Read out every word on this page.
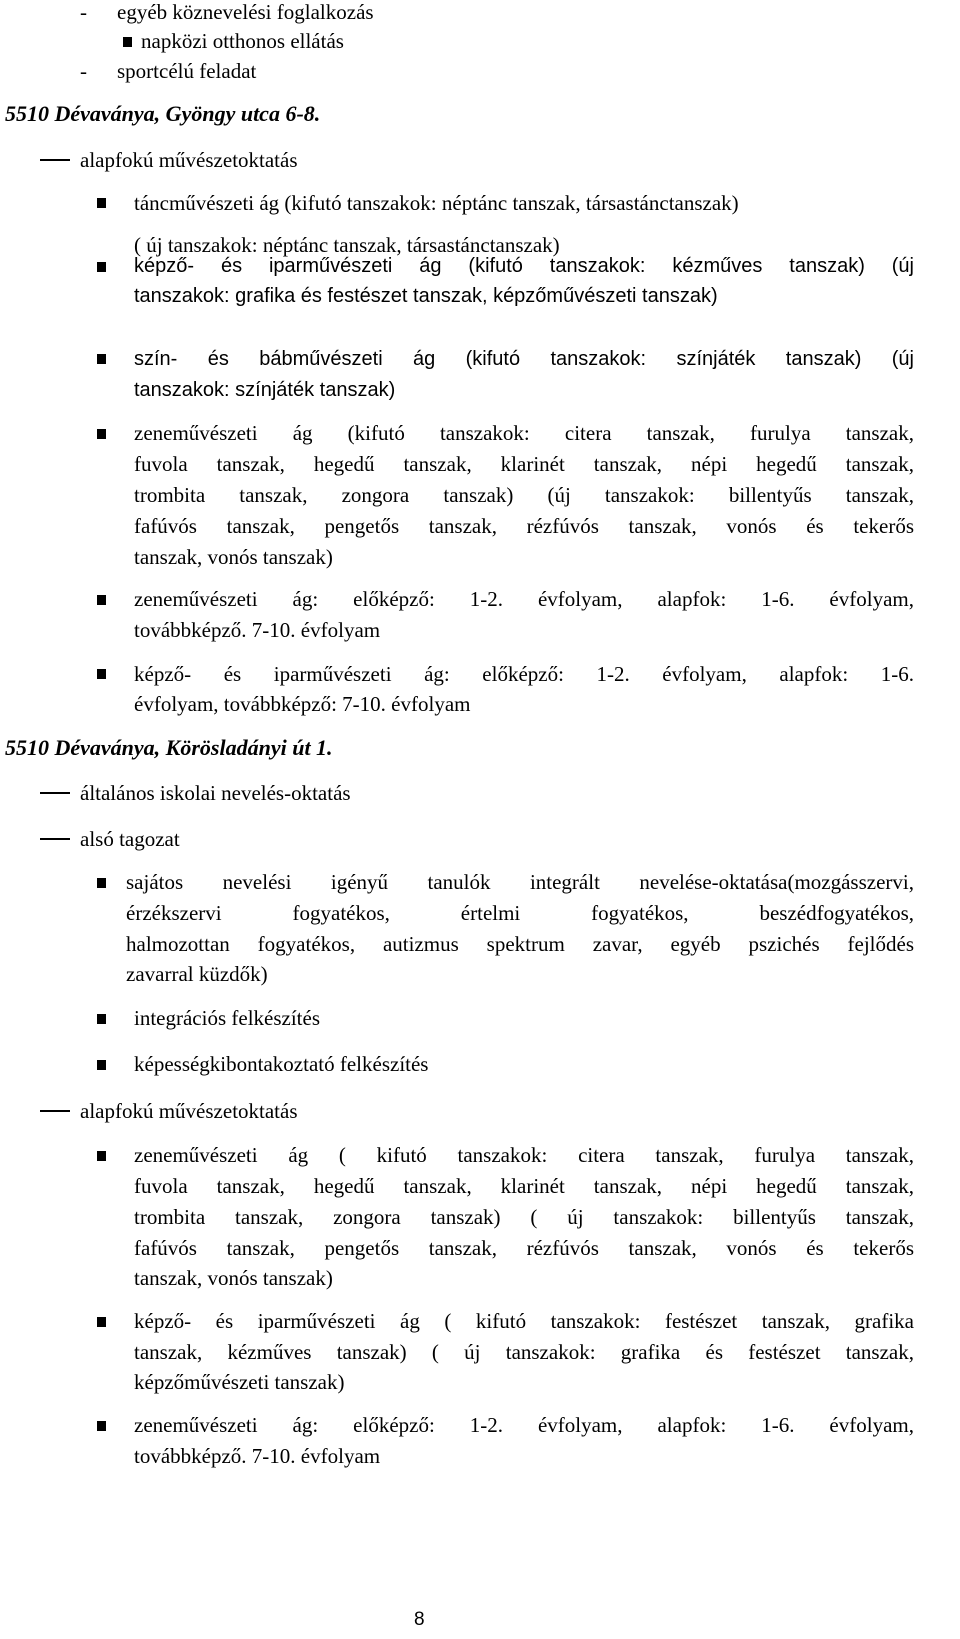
- egyéb köznevelési foglalkozás
napközi otthonos ellátás
- sportcélú feladat
5510 Dévaványa, Gyöngy utca 6-8.
alapfokú művészetoktatás
táncművészeti ág (kifutó tanszakok: néptánc tanszak, társastánctanszak)
( új tanszakok: néptánc tanszak, társastánctanszak)
képző- és iparművészeti ág (kifutó tanszakok: kézműves tanszak) (új
tanszakok: grafika és festészet tanszak, képzőművészeti tanszak)
szín- és bábművészeti ág (kifutó tanszakok: színjáték tanszak) (új
tanszakok: színjáték tanszak)
zeneművészeti ág (kifutó tanszakok: citera tanszak, furulya tanszak,
fuvola tanszak, hegedű tanszak, klarinét tanszak, népi hegedű tanszak,
trombita tanszak, zongora tanszak) (új tanszakok: billentyűs tanszak,
fafúvós tanszak, pengetős tanszak, rézfúvós tanszak, vonós és tekerős
tanszak, vonós tanszak)
zeneművészeti ág: előképző: 1-2. évfolyam, alapfok: 1-6. évfolyam,
továbbképző. 7-10. évfolyam
képző- és iparművészeti ág: előképző: 1-2. évfolyam, alapfok: 1-6.
évfolyam, továbbképző: 7-10. évfolyam
5510 Dévaványa, Körösladányi út 1.
általános iskolai nevelés-oktatás
alsó tagozat
sajátos nevelési igényű tanulók integrált nevelése-oktatása(mozgásszervi,
érzékszervi fogyatékos, értelmi fogyatékos, beszédfogyatékos,
halmozottan fogyatékos, autizmus spektrum zavar, egyéb pszichés fejlődés
zavarral küzdők)
integrációs felkészítés
képességkibontakoztató felkészítés
alapfokú művészetoktatás
zeneművészeti ág ( kifutó tanszakok: citera tanszak, furulya tanszak,
fuvola tanszak, hegedű tanszak, klarinét tanszak, népi hegedű tanszak,
trombita tanszak, zongora tanszak) ( új tanszakok: billentyűs tanszak,
fafúvós tanszak, pengetős tanszak, rézfúvós tanszak, vonós és tekerős
tanszak, vonós tanszak)
képző- és iparművészeti ág ( kifutó tanszakok: festészet tanszak, grafika
tanszak, kézműves tanszak) ( új tanszakok: grafika és festészet tanszak,
képzőművészeti tanszak)
zeneművészeti ág: előképző: 1-2. évfolyam, alapfok: 1-6. évfolyam,
továbbképző. 7-10. évfolyam
8
